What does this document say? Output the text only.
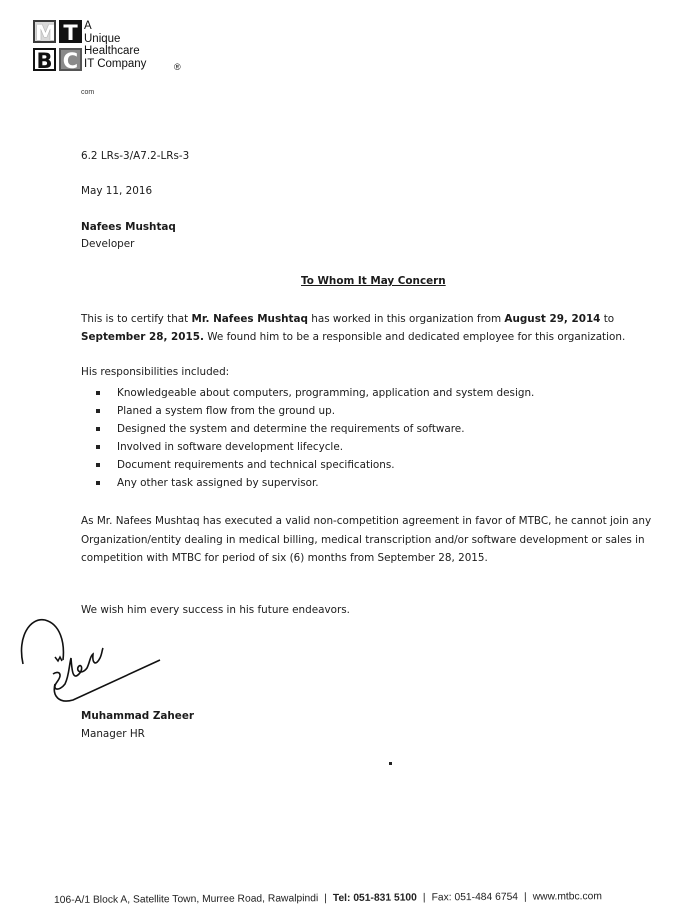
M T
B C
A
Unique
Healthcare
IT Company	®
com
6.2 LRs-3/A7.2-LRs-3
May 11, 2016
Nafees Mushtaq
Developer
To Whom It May Concern
This is to certify that Mr. Nafees Mushtaq has worked in this organization from August 29, 2014 to September 28, 2015. We found him to be a responsible and dedicated employee for this organization.
His responsibilities included:
Knowledgeable about computers, programming, application and system design.
Planed a system flow from the ground up.
Designed the system and determine the requirements of software.
Involved in software development lifecycle.
Document requirements and technical specifications.
Any other task assigned by supervisor.
As Mr. Nafees Mushtaq has executed a valid non-competition agreement in favor of MTBC, he cannot join any Organization/entity dealing in medical billing, medical transcription and/or software development or sales in competition with MTBC for period of six (6) months from September 28, 2015.
We wish him every success in his future endeavors.
Muhammad Zaheer
Manager HR
106-A/1 Block A, Satellite Town, Murree Road, Rawalpindi | Tel: 051-831 5100 | Fax: 051-484 6754 | www.mtbc.com
